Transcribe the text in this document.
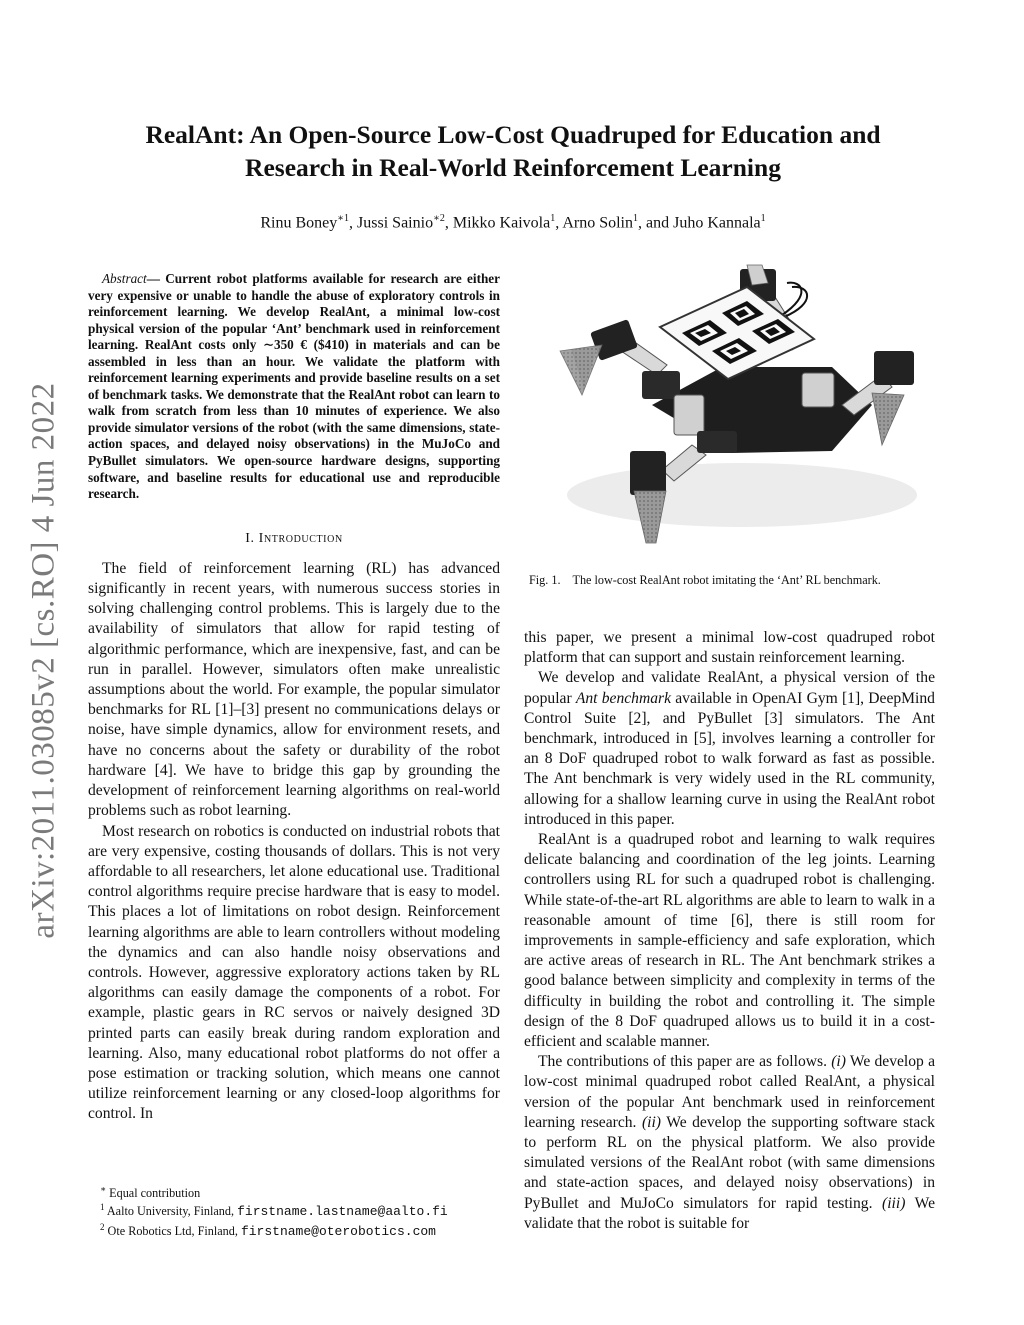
arXiv:2011.03085v2 [cs.RO] 4 Jun 2022
RealAnt: An Open-Source Low-Cost Quadruped for Education and
Research in Real-World Reinforcement Learning
Rinu Boney$^{∗1}$, Jussi Sainio$^{∗2}$, Mikko Kaivola$^1$, Arno Solin$^1$, and Juho Kannala$^1$

Abstract— Current robot platforms available for research are either very expensive or unable to handle the abuse of exploratory controls in reinforcement learning. We develop RealAnt, a minimal low-cost physical version of the popular ‘Ant’ benchmark used in reinforcement learning. RealAnt costs only ∼350 € ($410) in materials and can be assembled in less than an hour. We validate the platform with reinforcement learning experiments and provide baseline results on a set of benchmark tasks. We demonstrate that the RealAnt robot can learn to walk from scratch from less than 10 minutes of experience. We also provide simulator versions of the robot (with the same dimensions, state-action spaces, and delayed noisy observations) in the MuJoCo and PyBullet simulators. We open-source hardware designs, supporting software, and baseline results for educational use and reproducible research.

I. Introduction

The field of reinforcement learning (RL) has advanced significantly in recent years, with numerous success stories in solving challenging control problems. This is largely due to the availability of simulators that allow for rapid testing of algorithmic performance, which are inexpensive, fast, and can be run in parallel. However, simulators often make unrealistic assumptions about the world. For example, the popular simulator benchmarks for RL [1]–[3] present no communications delays or noise, have simple dynamics, allow for environment resets, and have no concerns about the safety or durability of the robot hardware [4]. We have to bridge this gap by grounding the development of reinforcement learning algorithms on real-world problems such as robot learning.

Most research on robotics is conducted on industrial robots that are very expensive, costing thousands of dollars. This is not very affordable to all researchers, let alone educational use. Traditional control algorithms require precise hardware that is easy to model. This places a lot of limitations on robot design. Reinforcement learning algorithms are able to learn controllers without modeling the dynamics and can also handle noisy observations and controls. However, aggressive exploratory actions taken by RL algorithms can easily damage the components of a robot. For example, plastic gears in RC servos or naively designed 3D printed parts can easily break during random exploration and learning. Also, many educational robot platforms do not offer a pose estimation or tracking solution, which means one cannot utilize reinforcement learning or any closed-loop algorithms for control. In

∗ Equal contribution
$^1$ Aalto University, Finland, firstname.lastname@aalto.fi
$^2$ Ote Robotics Ltd, Finland, firstname@oterobotics.com
Fig. 1. The low-cost RealAnt robot imitating the ‘Ant’ RL benchmark.

this paper, we present a minimal low-cost quadruped robot platform that can support and sustain reinforcement learning.

We develop and validate RealAnt, a physical version of the popular Ant benchmark available in OpenAI Gym [1], DeepMind Control Suite [2], and PyBullet [3] simulators. The Ant benchmark, introduced in [5], involves learning a controller for an 8 DoF quadruped robot to walk forward as fast as possible. The Ant benchmark is very widely used in the RL community, allowing for a shallow learning curve in using the RealAnt robot introduced in this paper.

RealAnt is a quadruped robot and learning to walk requires delicate balancing and coordination of the leg joints. Learning controllers using RL for such a quadruped robot is challenging. While state-of-the-art RL algorithms are able to learn to walk in a reasonable amount of time [6], there is still room for improvements in sample-efficiency and safe exploration, which are active areas of research in RL. The Ant benchmark strikes a good balance between simplicity and complexity in terms of the difficulty in building the robot and controlling it. The simple design of the 8 DoF quadruped allows us to build it in a cost-efficient and scalable manner.

The contributions of this paper are as follows. (i) We develop a low-cost minimal quadruped robot called RealAnt, a physical version of the popular Ant benchmark used in reinforcement learning research. (ii) We develop the supporting software stack to perform RL on the physical platform. We also provide simulated versions of the RealAnt robot (with same dimensions and state-action spaces, and delayed noisy observations) in PyBullet and MuJoCo simulators for rapid testing. (iii) We validate that the robot is suitable for
